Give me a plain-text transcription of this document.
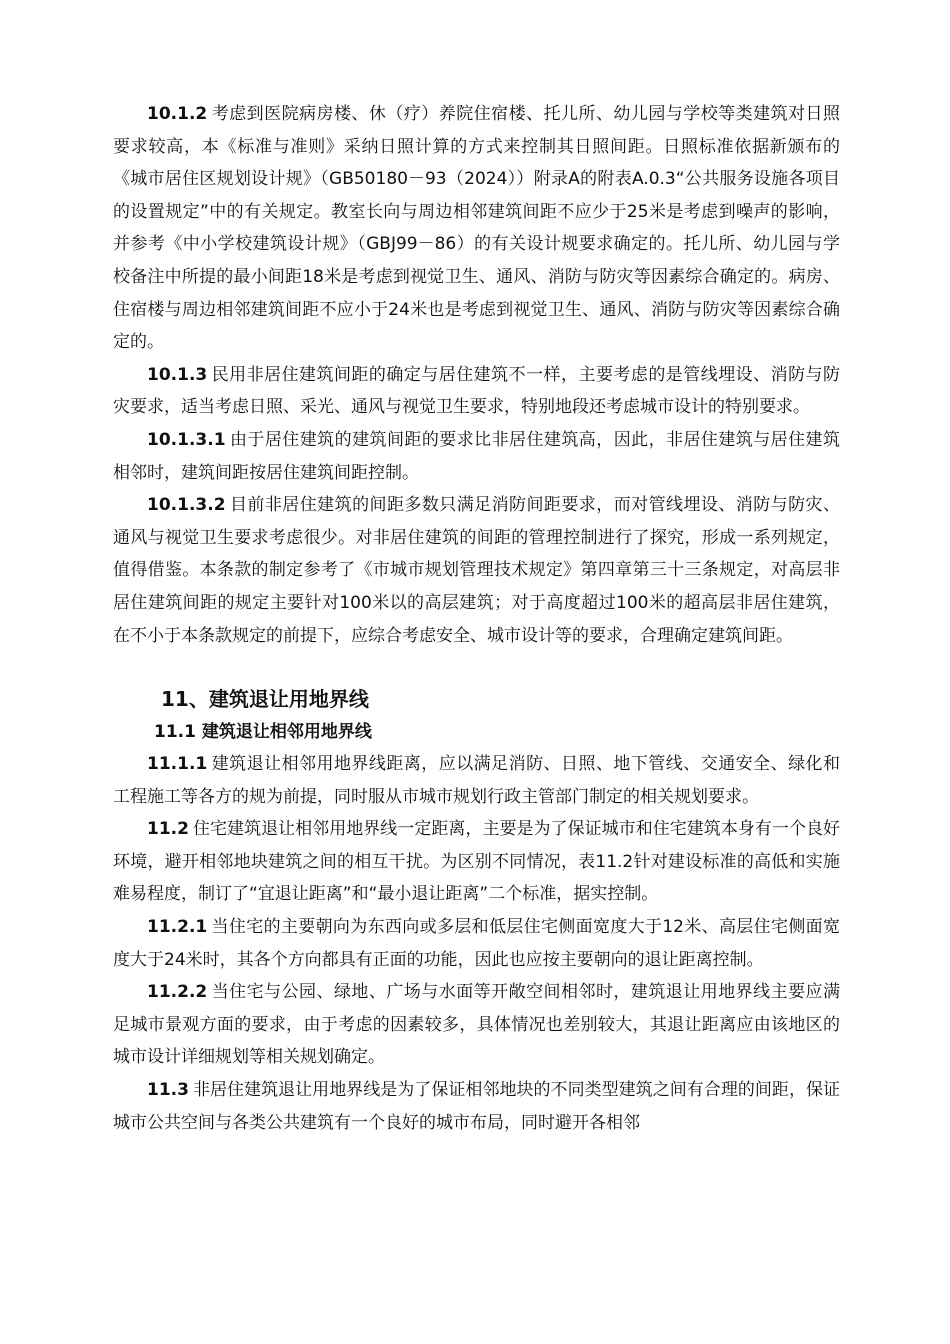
10.1.2 考虑到医院病房楼、休（疗）养院住宿楼、托儿所、幼儿园与学校等类建筑对日照要求较高，本《标准与准则》采纳日照计算的方式来控制其日照间距。日照标准依据新颁布的《城市居住区规划设计规》（GB50180－93（2024））附录A的附表A.0.3“公共服务设施各项目的设置规定”中的有关规定。教室长向与周边相邻建筑间距不应少于25米是考虑到噪声的影响，并参考《中小学校建筑设计规》（GBJ99－86）的有关设计规要求确定的。托儿所、幼儿园与学校备注中所提的最小间距18米是考虑到视觉卫生、通风、消防与防灾等因素综合确定的。病房、住宿楼与周边相邻建筑间距不应小于24米也是考虑到视觉卫生、通风、消防与防灾等因素综合确定的。

10.1.3 民用非居住建筑间距的确定与居住建筑不一样，主要考虑的是管线埋设、消防与防灾要求，适当考虑日照、采光、通风与视觉卫生要求，特别地段还考虑城市设计的特别要求。

10.1.3.1 由于居住建筑的建筑间距的要求比非居住建筑高，因此，非居住建筑与居住建筑相邻时，建筑间距按居住建筑间距控制。

10.1.3.2 目前非居住建筑的间距多数只满足消防间距要求，而对管线埋设、消防与防灾、通风与视觉卫生要求考虑很少。对非居住建筑的间距的管理控制进行了探究，形成一系列规定，值得借鉴。本条款的制定参考了《市城市规划管理技术规定》第四章第三十三条规定，对高层非居住建筑间距的规定主要针对100米以的高层建筑；对于高度超过100米的超高层非居住建筑，在不小于本条款规定的前提下，应综合考虑安全、城市设计等的要求，合理确定建筑间距。

11、建筑退让用地界线
11.1 建筑退让相邻用地界线

11.1.1 建筑退让相邻用地界线距离，应以满足消防、日照、地下管线、交通安全、绿化和工程施工等各方的规为前提，同时服从市城市规划行政主管部门制定的相关规划要求。

11.2 住宅建筑退让相邻用地界线一定距离，主要是为了保证城市和住宅建筑本身有一个良好环境，避开相邻地块建筑之间的相互干扰。为区别不同情况，表11.2针对建设标准的高低和实施难易程度，制订了“宜退让距离”和“最小退让距离”二个标准，据实控制。

11.2.1 当住宅的主要朝向为东西向或多层和低层住宅侧面宽度大于12米、高层住宅侧面宽度大于24米时，其各个方向都具有正面的功能，因此也应按主要朝向的退让距离控制。

11.2.2 当住宅与公园、绿地、广场与水面等开敞空间相邻时，建筑退让用地界线主要应满足城市景观方面的要求，由于考虑的因素较多，具体情况也差别较大，其退让距离应由该地区的城市设计详细规划等相关规划确定。

11.3 非居住建筑退让用地界线是为了保证相邻地块的不同类型建筑之间有合理的间距，保证城市公共空间与各类公共建筑有一个良好的城市布局，同时避开各相邻
